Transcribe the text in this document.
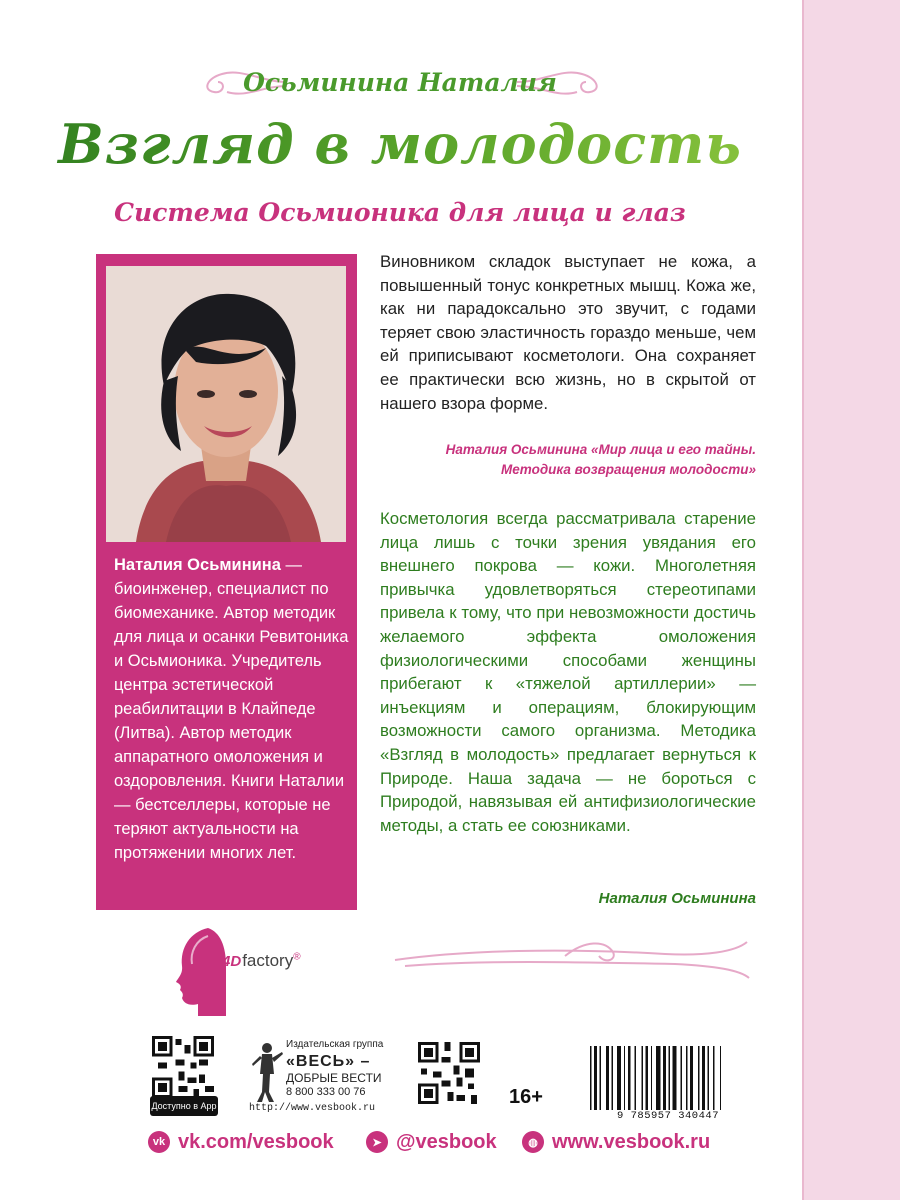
Осьминина Наталия
Взгляд в молодость
Система Осьмионика для лица и глаз
Наталия Осьминина — биоинженер, специалист по биомеханике. Автор методик для лица и осанки Ревитоника и Осьмионика. Учредитель центра эстетической реабилитации в Клайпеде (Литва). Автор методик аппаратного омоложения и оздоровления. Книги Наталии — бестселлеры, которые не теряют актуальности на протяжении многих лет.
Виновником складок выступает не кожа, а повышенный тонус конкретных мышц. Кожа же, как ни парадоксально это звучит, с годами теряет свою эластичность гораздо меньше, чем ей приписывают косметологи. Она сохраняет ее практически всю жизнь, но в скрытой от нашего взора форме.
Наталия Осьминина «Мир лица и его тайны.
Методика возвращения молодости»
Косметология всегда рассматривала старение лица лишь с точки зрения увядания его внешнего покрова — кожи. Многолетняя привычка удовлетворяться стереотипами привела к тому, что при невозможности достичь желаемого эффекта омоложения физиологическими способами женщины прибегают к «тяжелой артиллерии» — инъекциям и операциям, блокирующим возможности самого организма. Методика «Взгляд в молодость» предлагает вернуться к Природе. Наша задача — не бороться с Природой, навязывая ей антифизиологические методы, а стать ее союзниками.
Наталия Осьминина
4Dfactory®
Доступно в App Store
Издательская группа
«ВЕСЬ» –
ДОБРЫЕ ВЕСТИ
8 800 333 00 76
http://www.vesbook.ru
16+
9 785957 340447
vk vk.com/vesbook	➤ @vesbook	◍ www.vesbook.ru
